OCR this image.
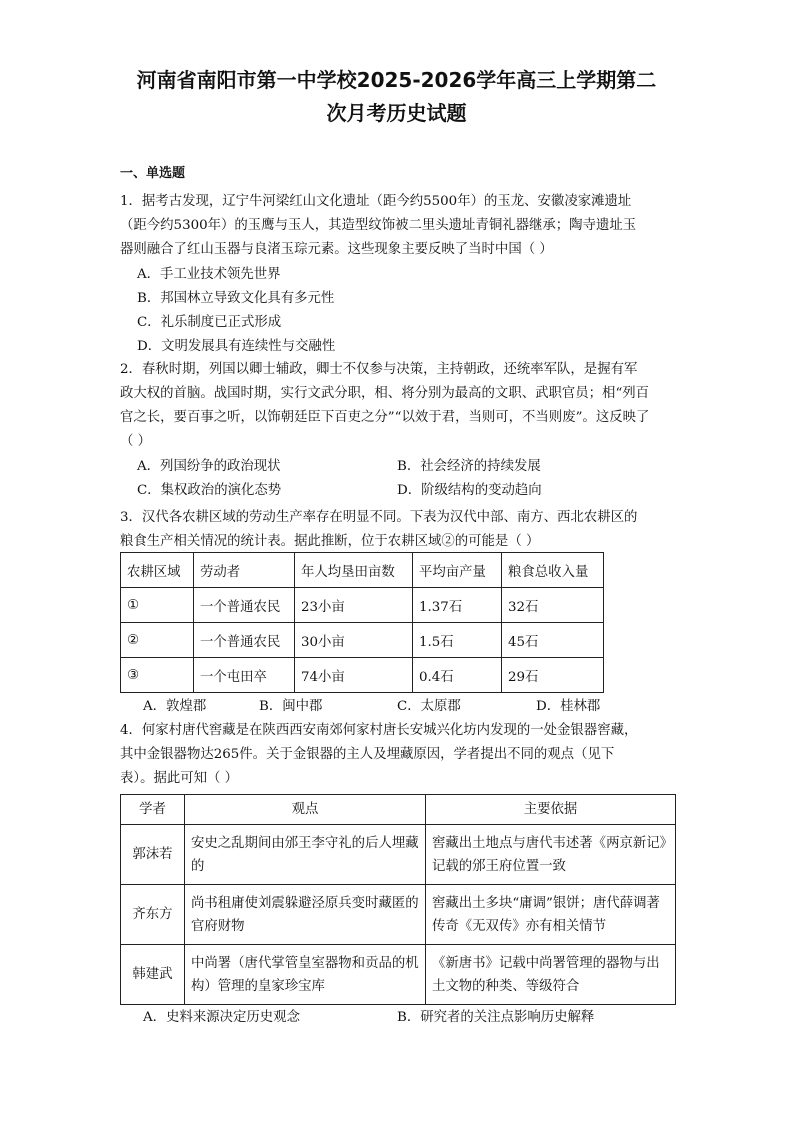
河南省南阳市第一中学校2025-2026学年高三上学期第二
次月考历史试题
一、单选题
1．据考古发现，辽宁牛河梁红山文化遗址（距今约5500年）的玉龙、安徽凌家滩遗址
（距今约5300年）的玉鹰与玉人，其造型纹饰被二里头遗址青铜礼器继承；陶寺遗址玉
器则融合了红山玉器与良渚玉琮元素。这些现象主要反映了当时中国（ ）
A．手工业技术领先世界
B．邦国林立导致文化具有多元性
C．礼乐制度已正式形成
D．文明发展具有连续性与交融性
2．春秋时期，列国以卿士辅政，卿士不仅参与决策，主持朝政，还统率军队，是握有军
政大权的首脑。战国时期，实行文武分职，相、将分别为最高的文职、武职官员；相“列百
官之长，要百事之听，以饰朝廷臣下百吏之分”“以效于君，当则可，不当则废”。这反映了
（ ）
A．列国纷争的政治现状	B．社会经济的持续发展
C．集权政治的演化态势	D．阶级结构的变动趋向
3．汉代各农耕区域的劳动生产率存在明显不同。下表为汉代中部、南方、西北农耕区的
粮食生产相关情况的统计表。据此推断，位于农耕区域②的可能是（ ）
农耕区域	劳动者	年人均垦田亩数	平均亩产量	粮食总收入量
①	一个普通农民	23小亩	1.37石	32石
②	一个普通农民	30小亩	1.5石	45石
③	一个屯田卒	74小亩	0.4石	29石
A．敦煌郡	B．闽中郡	C．太原郡	D．桂林郡
4．何家村唐代窖藏是在陕西西安南郊何家村唐长安城兴化坊内发现的一处金银器窖藏，
其中金银器物达265件。关于金银器的主人及埋藏原因，学者提出不同的观点（见下
表）。据此可知（ ）
学者	观点	主要依据
郭沫若	安史之乱期间由邠王李守礼的后人埋藏的	窖藏出土地点与唐代韦述著《两京新记》记载的邠王府位置一致
齐东方	尚书租庸使刘震躲避泾原兵变时藏匿的官府财物	窖藏出土多块“庸调”银饼；唐代薛调著传奇《无双传》亦有相关情节
韩建武	中尚署（唐代掌管皇室器物和贡品的机构）管理的皇家珍宝库	《新唐书》记载中尚署管理的器物与出土文物的种类、等级符合
A．史料来源决定历史观念	B．研究者的关注点影响历史解释
